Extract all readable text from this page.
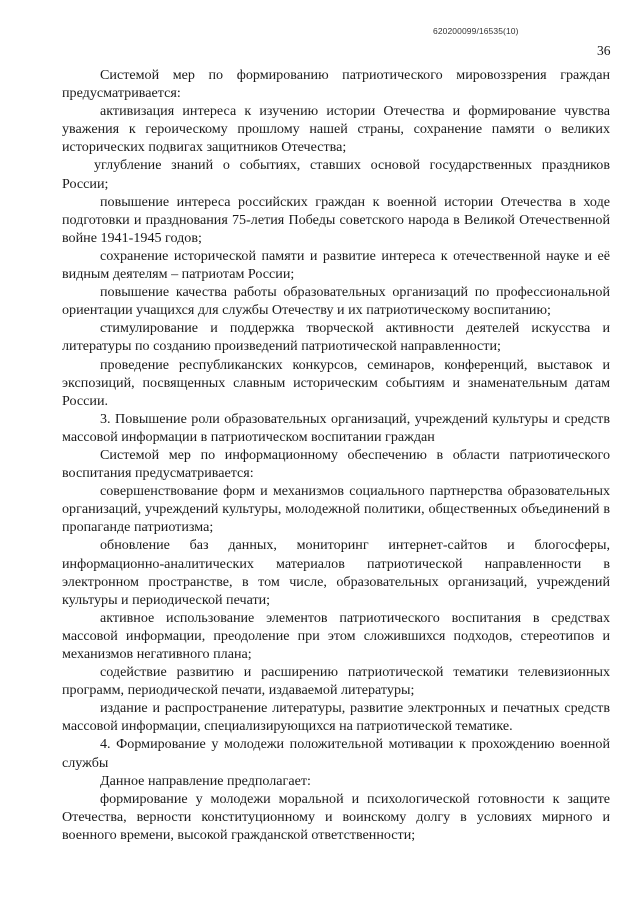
620200099/16535(10)
36

Системой мер по формированию патриотического мировоззрения граждан предусматривается:

активизация интереса к изучению истории Отечества и формирование чувства уважения к героическому прошлому нашей страны, сохранение памяти о великих исторических подвигах защитников Отечества;

углубление знаний о событиях, ставших основой государственных праздников России;

повышение интереса российских граждан к военной истории Отечества в ходе подготовки и празднования 75-летия Победы советского народа в Великой Отечественной войне 1941-1945 годов;

сохранение исторической памяти и развитие интереса к отечественной науке и её видным деятелям – патриотам России;

повышение качества работы образовательных организаций по профессиональной ориентации учащихся для службы Отечеству и их патриотическому воспитанию;

стимулирование и поддержка творческой активности деятелей искусства и литературы по созданию произведений патриотической направленности;

проведение республиканских конкурсов, семинаров, конференций, выставок и экспозиций, посвященных славным историческим событиям и знаменательным датам России.

3. Повышение роли образовательных организаций, учреждений культуры и средств массовой информации в патриотическом воспитании граждан

Системой мер по информационному обеспечению в области патриотического воспитания предусматривается:

совершенствование форм и механизмов социального партнерства образовательных организаций, учреждений культуры, молодежной политики, общественных объединений в пропаганде патриотизма;

обновление баз данных, мониторинг интернет-сайтов и блогосферы, информационно-аналитических материалов патриотической направленности в электронном пространстве, в том числе, образовательных организаций, учреждений культуры и периодической печати;

активное использование элементов патриотического воспитания в средствах массовой информации, преодоление при этом сложившихся подходов, стереотипов и механизмов негативного плана;

содействие развитию и расширению патриотической тематики телевизионных программ, периодической печати, издаваемой литературы;

издание и распространение литературы, развитие электронных и печатных средств массовой информации, специализирующихся на патриотической тематике.

4. Формирование у молодежи положительной мотивации к прохождению военной службы

Данное направление предполагает:

формирование у молодежи моральной и психологической готовности к защите Отечества, верности конституционному и воинскому долгу в условиях мирного и военного времени, высокой гражданской ответственности;
